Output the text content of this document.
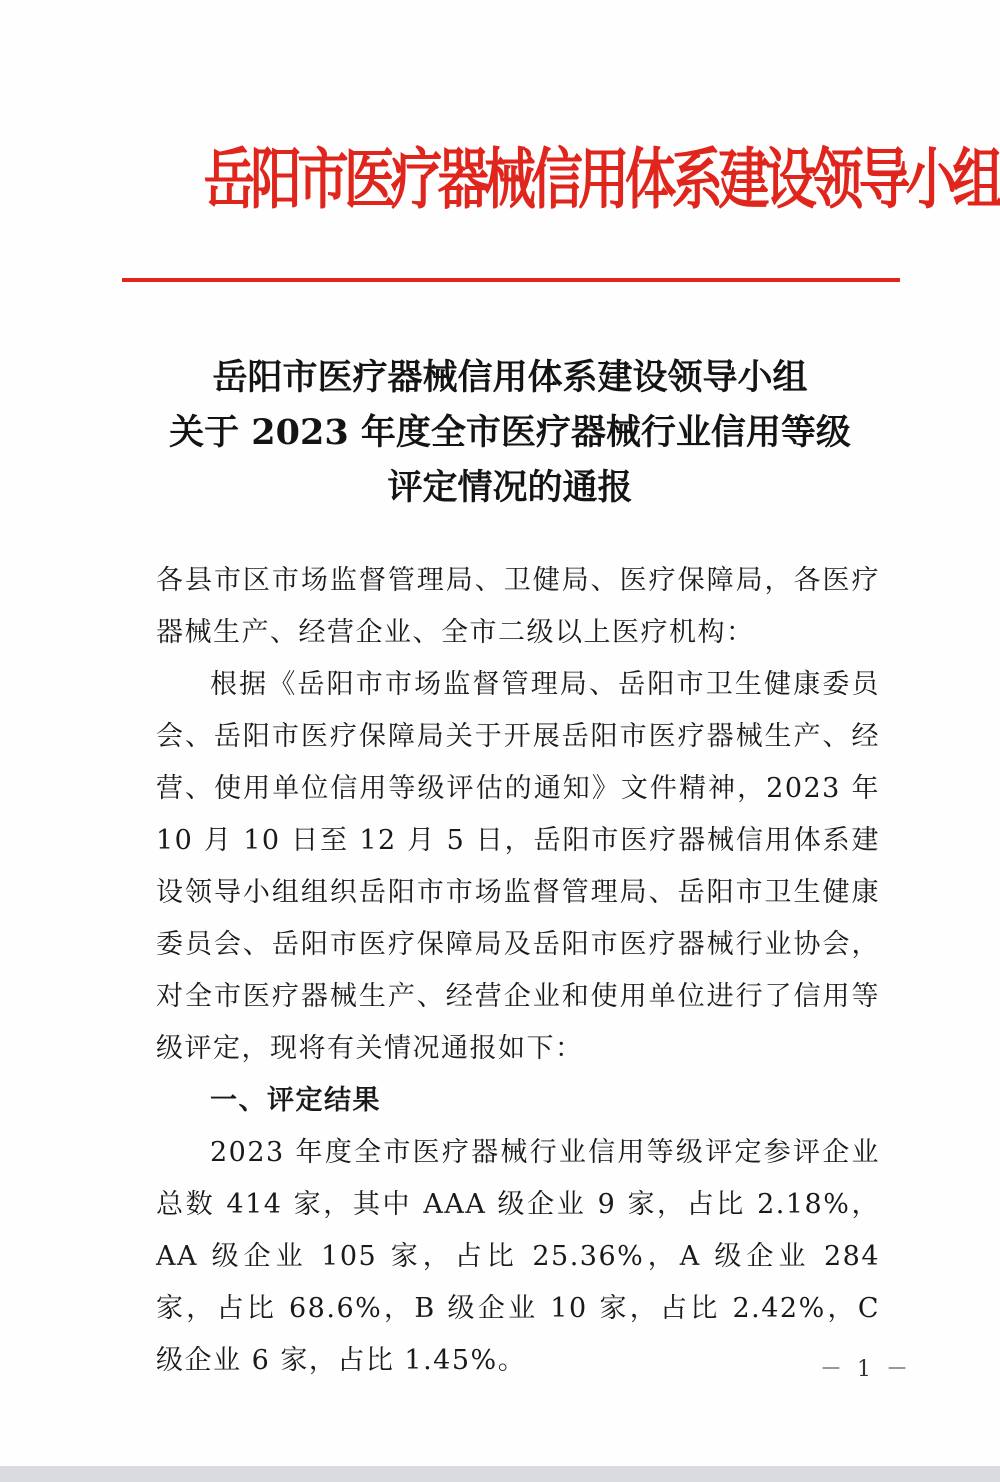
岳阳市医疗器械信用体系建设领导小组
岳阳市医疗器械信用体系建设领导小组
关于 2023 年度全市医疗器械行业信用等级
评定情况的通报

各县市区市场监督管理局、卫健局、医疗保障局，各医疗器械生产、经营企业、全市二级以上医疗机构：

根据《岳阳市市场监督管理局、岳阳市卫生健康委员会、岳阳市医疗保障局关于开展岳阳市医疗器械生产、经营、使用单位信用等级评估的通知》文件精神，2023 年 10 月 10 日至 12 月 5 日，岳阳市医疗器械信用体系建设领导小组组织岳阳市市场监督管理局、岳阳市卫生健康委员会、岳阳市医疗保障局及岳阳市医疗器械行业协会，对全市医疗器械生产、经营企业和使用单位进行了信用等级评定，现将有关情况通报如下：

一、评定结果

2023 年度全市医疗器械行业信用等级评定参评企业总数 414 家，其中 AAA 级企业 9 家，占比 2.18%，AA 级企业 105 家，占比 25.36%，A 级企业 284 家，占比 68.6%，B 级企业 10 家，占比 2.42%，C 级企业 6 家，占比 1.45%。	－ 1 －
